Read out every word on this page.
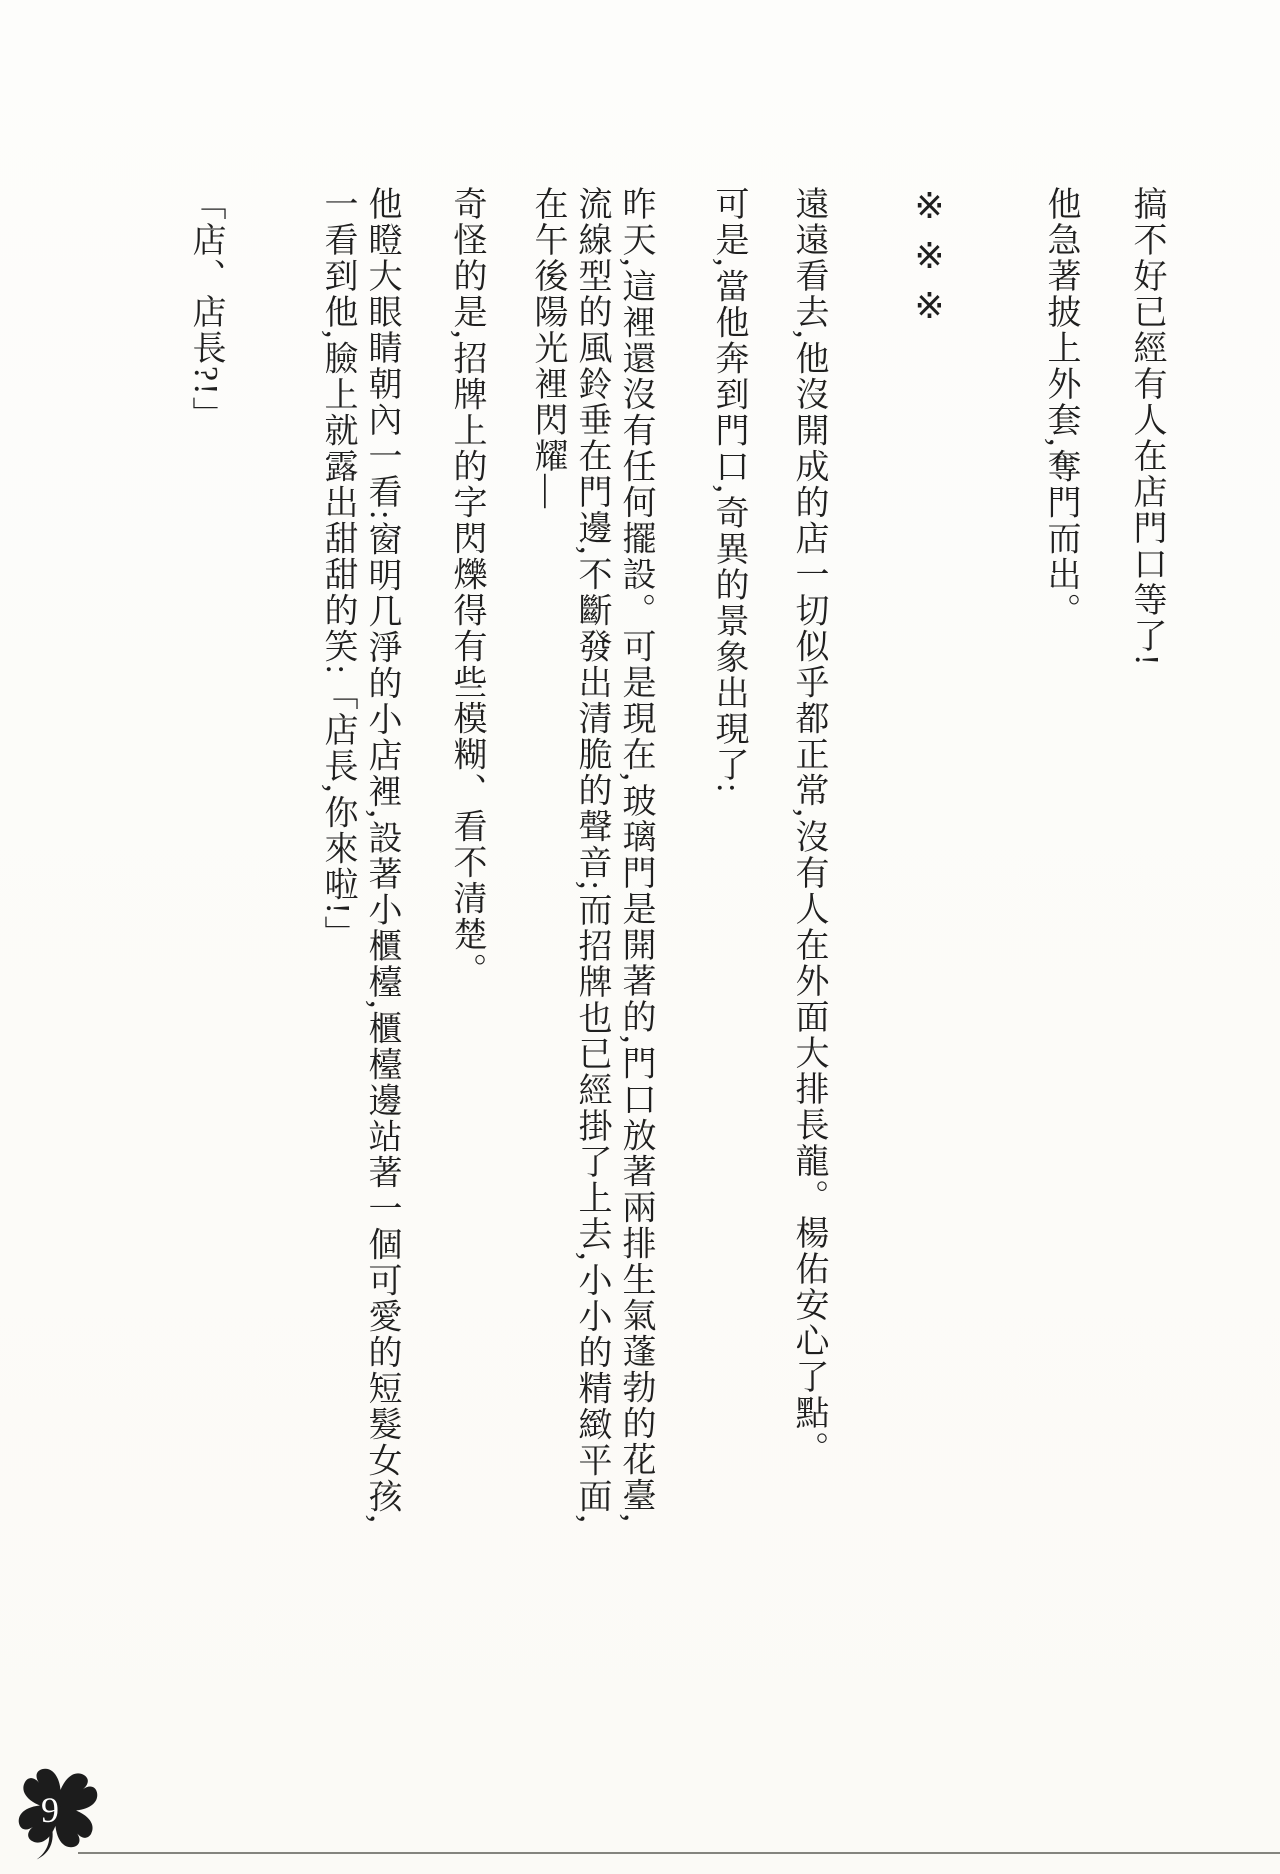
搞不好已經有人在店門口等了!
他急著披上外套,奪門而出。
※※※
遠遠看去,他沒開成的店一切似乎都正常,沒有人在外面大排長龍。楊佑安心了點。
可是,當他奔到門口,奇異的景象出現了:
昨天,這裡還沒有任何擺設。可是現在,玻璃門是開著的,門口放著兩排生氣蓬勃的花臺,
流線型的風鈴垂在門邊,不斷發出清脆的聲音;而招牌也已經掛了上去,小小的精緻平面,
在午後陽光裡閃耀—
奇怪的是,招牌上的字閃爍得有些模糊、看不清楚。
他瞪大眼睛朝內一看:窗明几淨的小店裡,設著小櫃檯,櫃檯邊站著一個可愛的短髮女孩,
一看到他,臉上就露出甜甜的笑:「店長,你來啦!」
「店、店長?!」
9
